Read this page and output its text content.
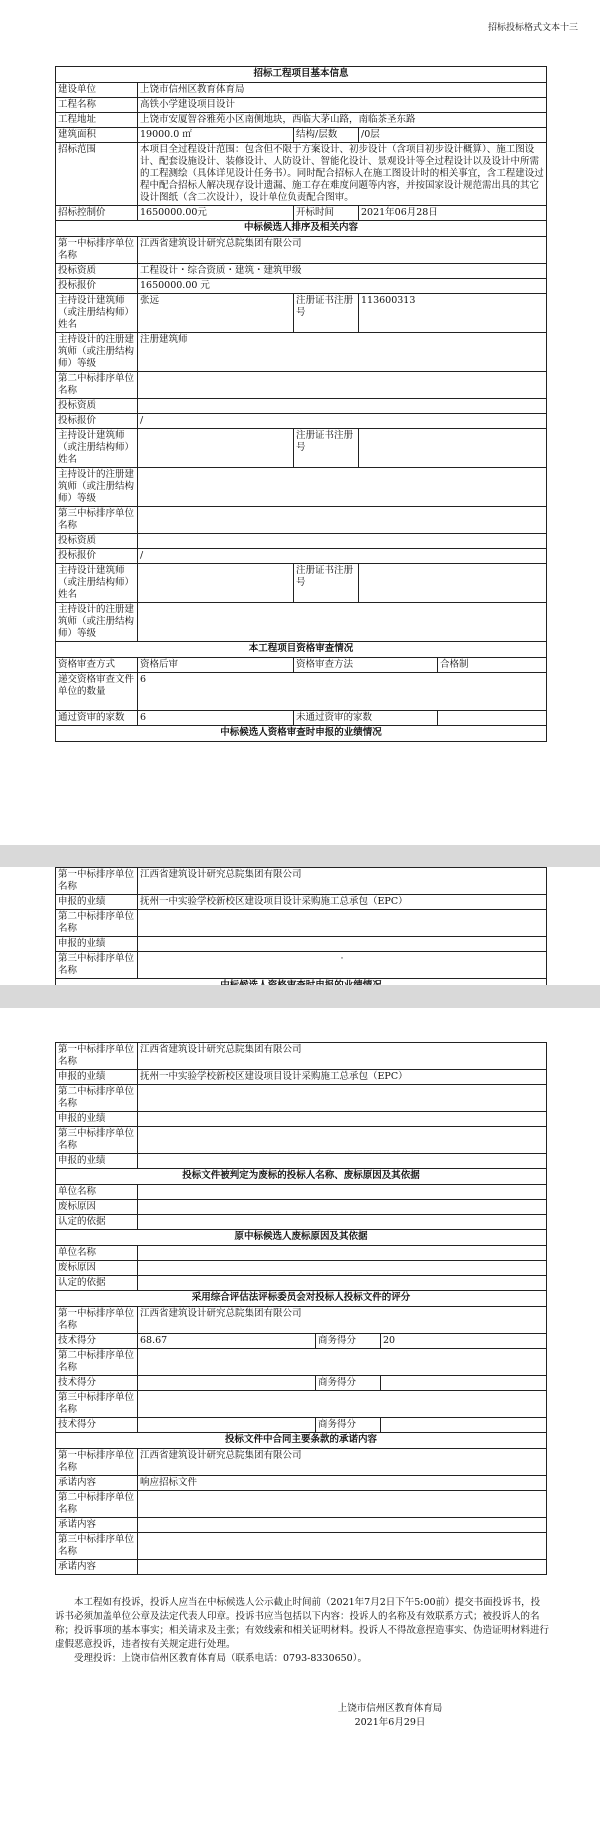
招标投标格式文本十三
招标工程项目基本信息				
建设单位	上饶市信州区教育体育局			
工程名称	高铁小学建设项目设计			
工程地址	上饶市安厦智谷雅苑小区南侧地块，西临大茅山路，南临茶圣东路			
建筑面积	19000.0 ㎡	结构/层数	/0层	
招标范围	本项目全过程设计范围：包含但不限于方案设计、初步设计（含项目初步设计概算）、施工图设计、配套设施设计、装修设计、人防设计、智能化设计、景观设计等全过程设计以及设计中所需的工程测绘（具体详见设计任务书）。同时配合招标人在施工图设计时的相关事宜，含工程建设过程中配合招标人解决现存设计遗漏、施工存在难度问题等内容，并按国家设计规范需出具的其它设计图纸（含二次设计），设计单位负责配合图审。			
招标控制价	1650000.00元	开标时间	2021年06月28日	
中标候选人排序及相关内容				
第一中标排序单位名称	江西省建筑设计研究总院集团有限公司			
投标资质	工程设计・综合资质・建筑・建筑甲级			
投标报价	1650000.00 元			
主持设计建筑师（或注册结构师）姓名	张远	注册证书注册号	113600313	
主持设计的注册建筑师（或注册结构师）等级	注册建筑师			
第二中标排序单位名称				
投标资质				
投标报价	/			
主持设计建筑师（或注册结构师）姓名		注册证书注册号		
主持设计的注册建筑师（或注册结构师）等级				
第三中标排序单位名称				
投标资质				
投标报价	/			
主持设计建筑师（或注册结构师）姓名		注册证书注册号		
主持设计的注册建筑师（或注册结构师）等级				
本工程项目资格审查情况				
资格审查方式	资格后审	资格审查方法		合格制
递交资格审查文件单位的数量	6			
通过资审的家数	6	未通过资审的家数		
中标候选人资格审查时申报的业绩情况				
第一中标排序单位名称	江西省建筑设计研究总院集团有限公司
申报的业绩	抚州一中实验学校新校区建设项目设计采购施工总承包（EPC）
第二中标排序单位名称	
申报的业绩	
第三中标排序单位名称	·

第一中标排序单位名称	江西省建筑设计研究总院集团有限公司		
申报的业绩	抚州一中实验学校新校区建设项目设计采购施工总承包（EPC）		
第二中标排序单位名称			
申报的业绩			
第三中标排序单位名称			
申报的业绩			
投标文件被判定为废标的投标人名称、废标原因及其依据			
单位名称			
废标原因			
认定的依据			
原中标候选人废标原因及其依据			
单位名称			
废标原因			
认定的依据			
采用综合评估法评标委员会对投标人投标文件的评分			
第一中标排序单位名称	江西省建筑设计研究总院集团有限公司		
技术得分	68.67	商务得分	20
第二中标排序单位名称			
技术得分		商务得分	
第三中标排序单位名称			
技术得分		商务得分	
投标文件中合同主要条款的承诺内容			
第一中标排序单位名称	江西省建筑设计研究总院集团有限公司		
承诺内容	响应招标文件		
第二中标排序单位名称			
承诺内容			
第三中标排序单位名称			
承诺内容			

本工程如有投诉，投诉人应当在中标候选人公示截止时间前（2021年7月2日下午5:00前）提交书面投诉书，投诉书必须加盖单位公章及法定代表人印章。投诉书应当包括以下内容：投诉人的名称及有效联系方式；被投诉人的名称；投诉事项的基本事实；相关请求及主张；有效线索和相关证明材料。投诉人不得故意捏造事实、伪造证明材料进行虚假恶意投诉，违者按有关规定进行处理。

受理投诉：上饶市信州区教育体育局（联系电话：0793-8330650）。

上饶市信州区教育体育局
2021年6月29日
